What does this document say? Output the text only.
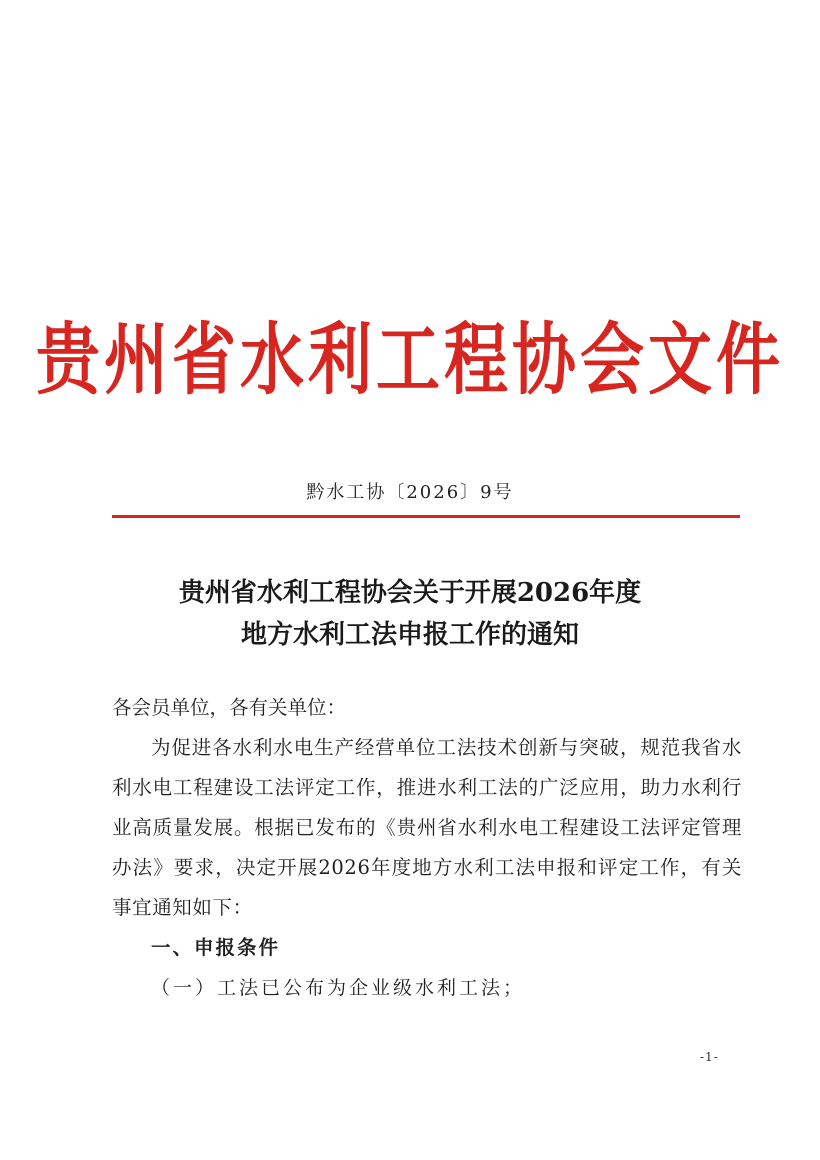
贵州省水利工程协会文件
黔水工协〔2026〕9号
贵州省水利工程协会关于开展2026年度
地方水利工法申报工作的通知

各会员单位，各有关单位：

为促进各水利水电生产经营单位工法技术创新与突破，规范我省水利水电工程建设工法评定工作，推进水利工法的广泛应用，助力水利行业高质量发展。根据已发布的《贵州省水利水电工程建设工法评定管理办法》要求，决定开展2026年度地方水利工法申报和评定工作，有关事宜通知如下：

一、申报条件

（一）工法已公布为企业级水利工法；

-1-
